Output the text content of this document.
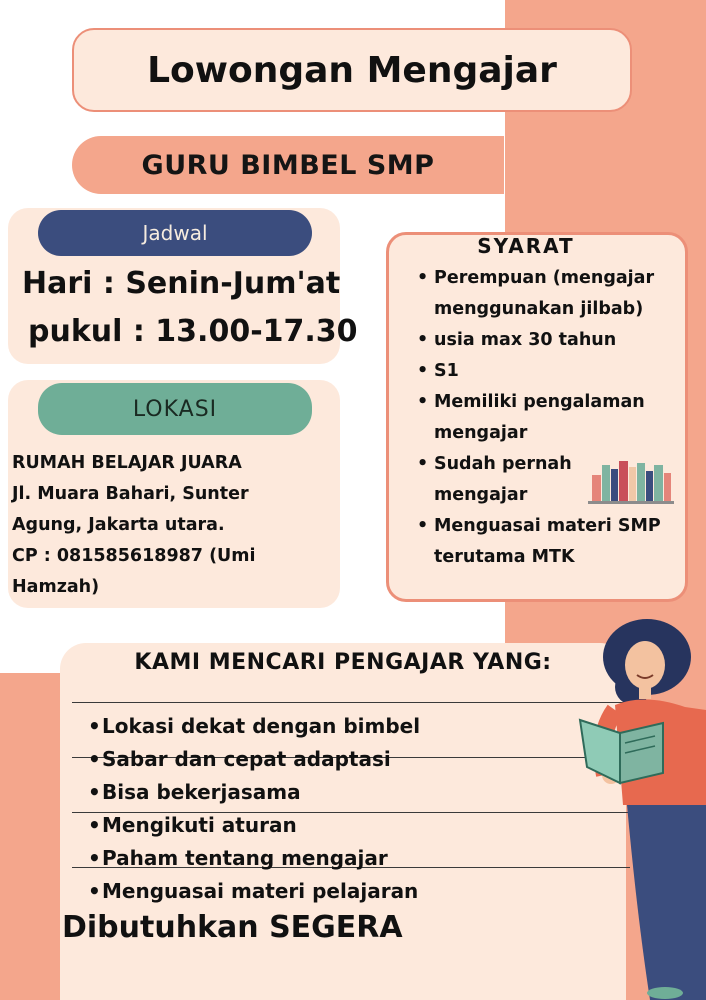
Lowongan Mengajar
GURU BIMBEL SMP
Jadwal
Hari : Senin-Jum'at
pukul : 13.00-17.30
LOKASI
RUMAH BELAJAR JUARA
Jl. Muara Bahari, Sunter
Agung, Jakarta utara.
CP : 081585618987 (Umi
Hamzah)
SYARAT
• Perempuan (mengajar menggunakan jilbab)
• usia max 30 tahun
• S1
• Memiliki pengalaman mengajar
• Sudah pernah mengajar
• Menguasai materi SMP terutama MTK
KAMI MENCARI PENGAJAR YANG:
• Lokasi dekat dengan bimbel
• Sabar dan cepat adaptasi
• Bisa bekerjasama
• Mengikuti aturan
• Paham tentang mengajar
• Menguasai materi pelajaran
Dibutuhkan SEGERA
